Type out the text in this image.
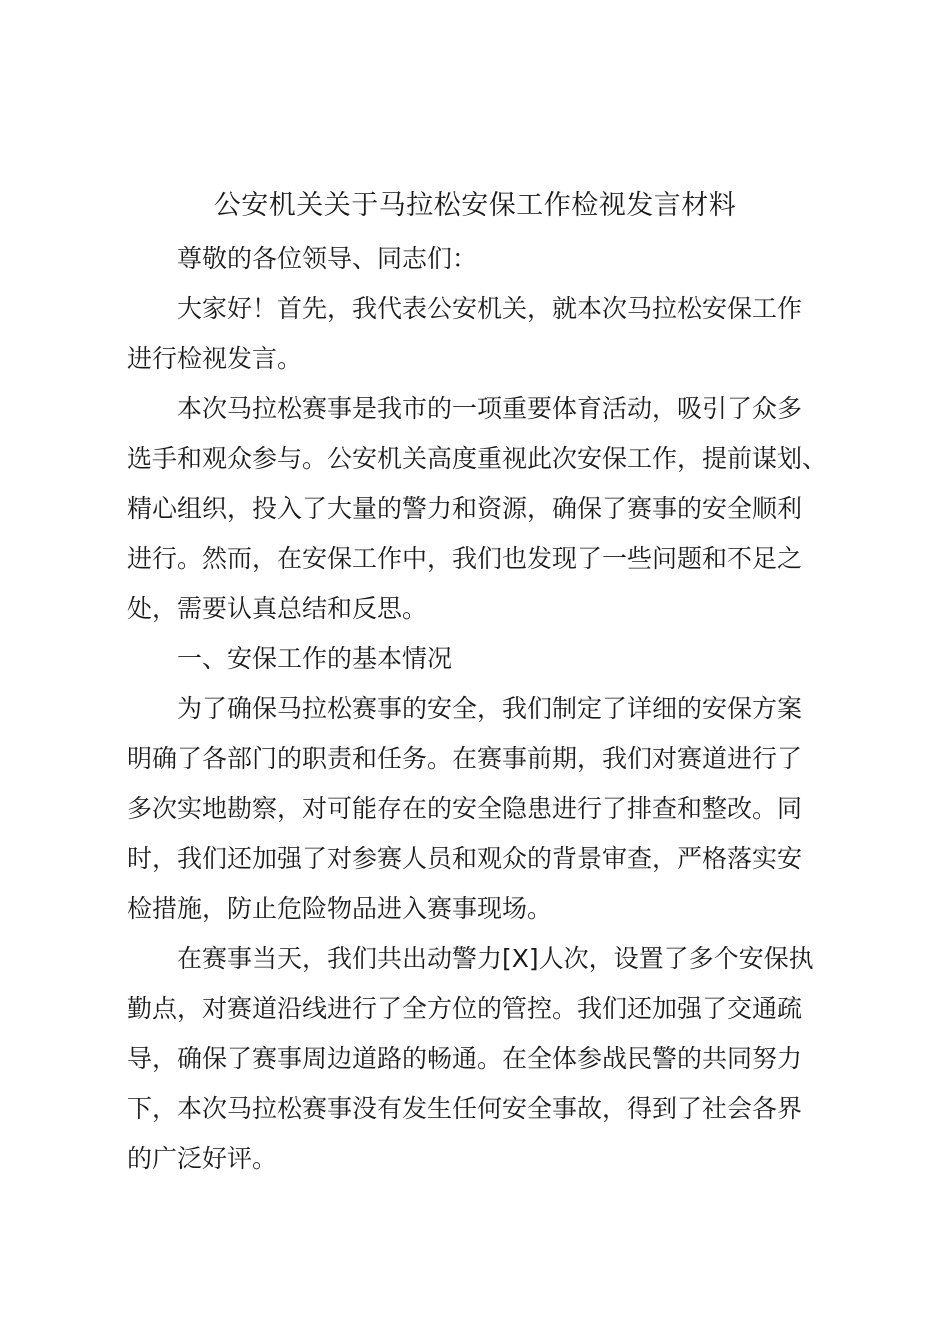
公安机关关于马拉松安保工作检视发言材料

尊敬的各位领导、同志们：

大家好！首先，我代表公安机关，就本次马拉松安保工作

进行检视发言。

本次马拉松赛事是我市的一项重要体育活动，吸引了众多

选手和观众参与。公安机关高度重视此次安保工作，提前谋划、

精心组织，投入了大量的警力和资源，确保了赛事的安全顺利

进行。然而，在安保工作中，我们也发现了一些问题和不足之

处，需要认真总结和反思。

一、安保工作的基本情况

为了确保马拉松赛事的安全，我们制定了详细的安保方案

明确了各部门的职责和任务。在赛事前期，我们对赛道进行了

多次实地勘察，对可能存在的安全隐患进行了排查和整改。同

时，我们还加强了对参赛人员和观众的背景审查，严格落实安

检措施，防止危险物品进入赛事现场。

在赛事当天，我们共出动警力[X]人次，设置了多个安保执

勤点，对赛道沿线进行了全方位的管控。我们还加强了交通疏

导，确保了赛事周边道路的畅通。在全体参战民警的共同努力

下，本次马拉松赛事没有发生任何安全事故，得到了社会各界

的广泛好评。
